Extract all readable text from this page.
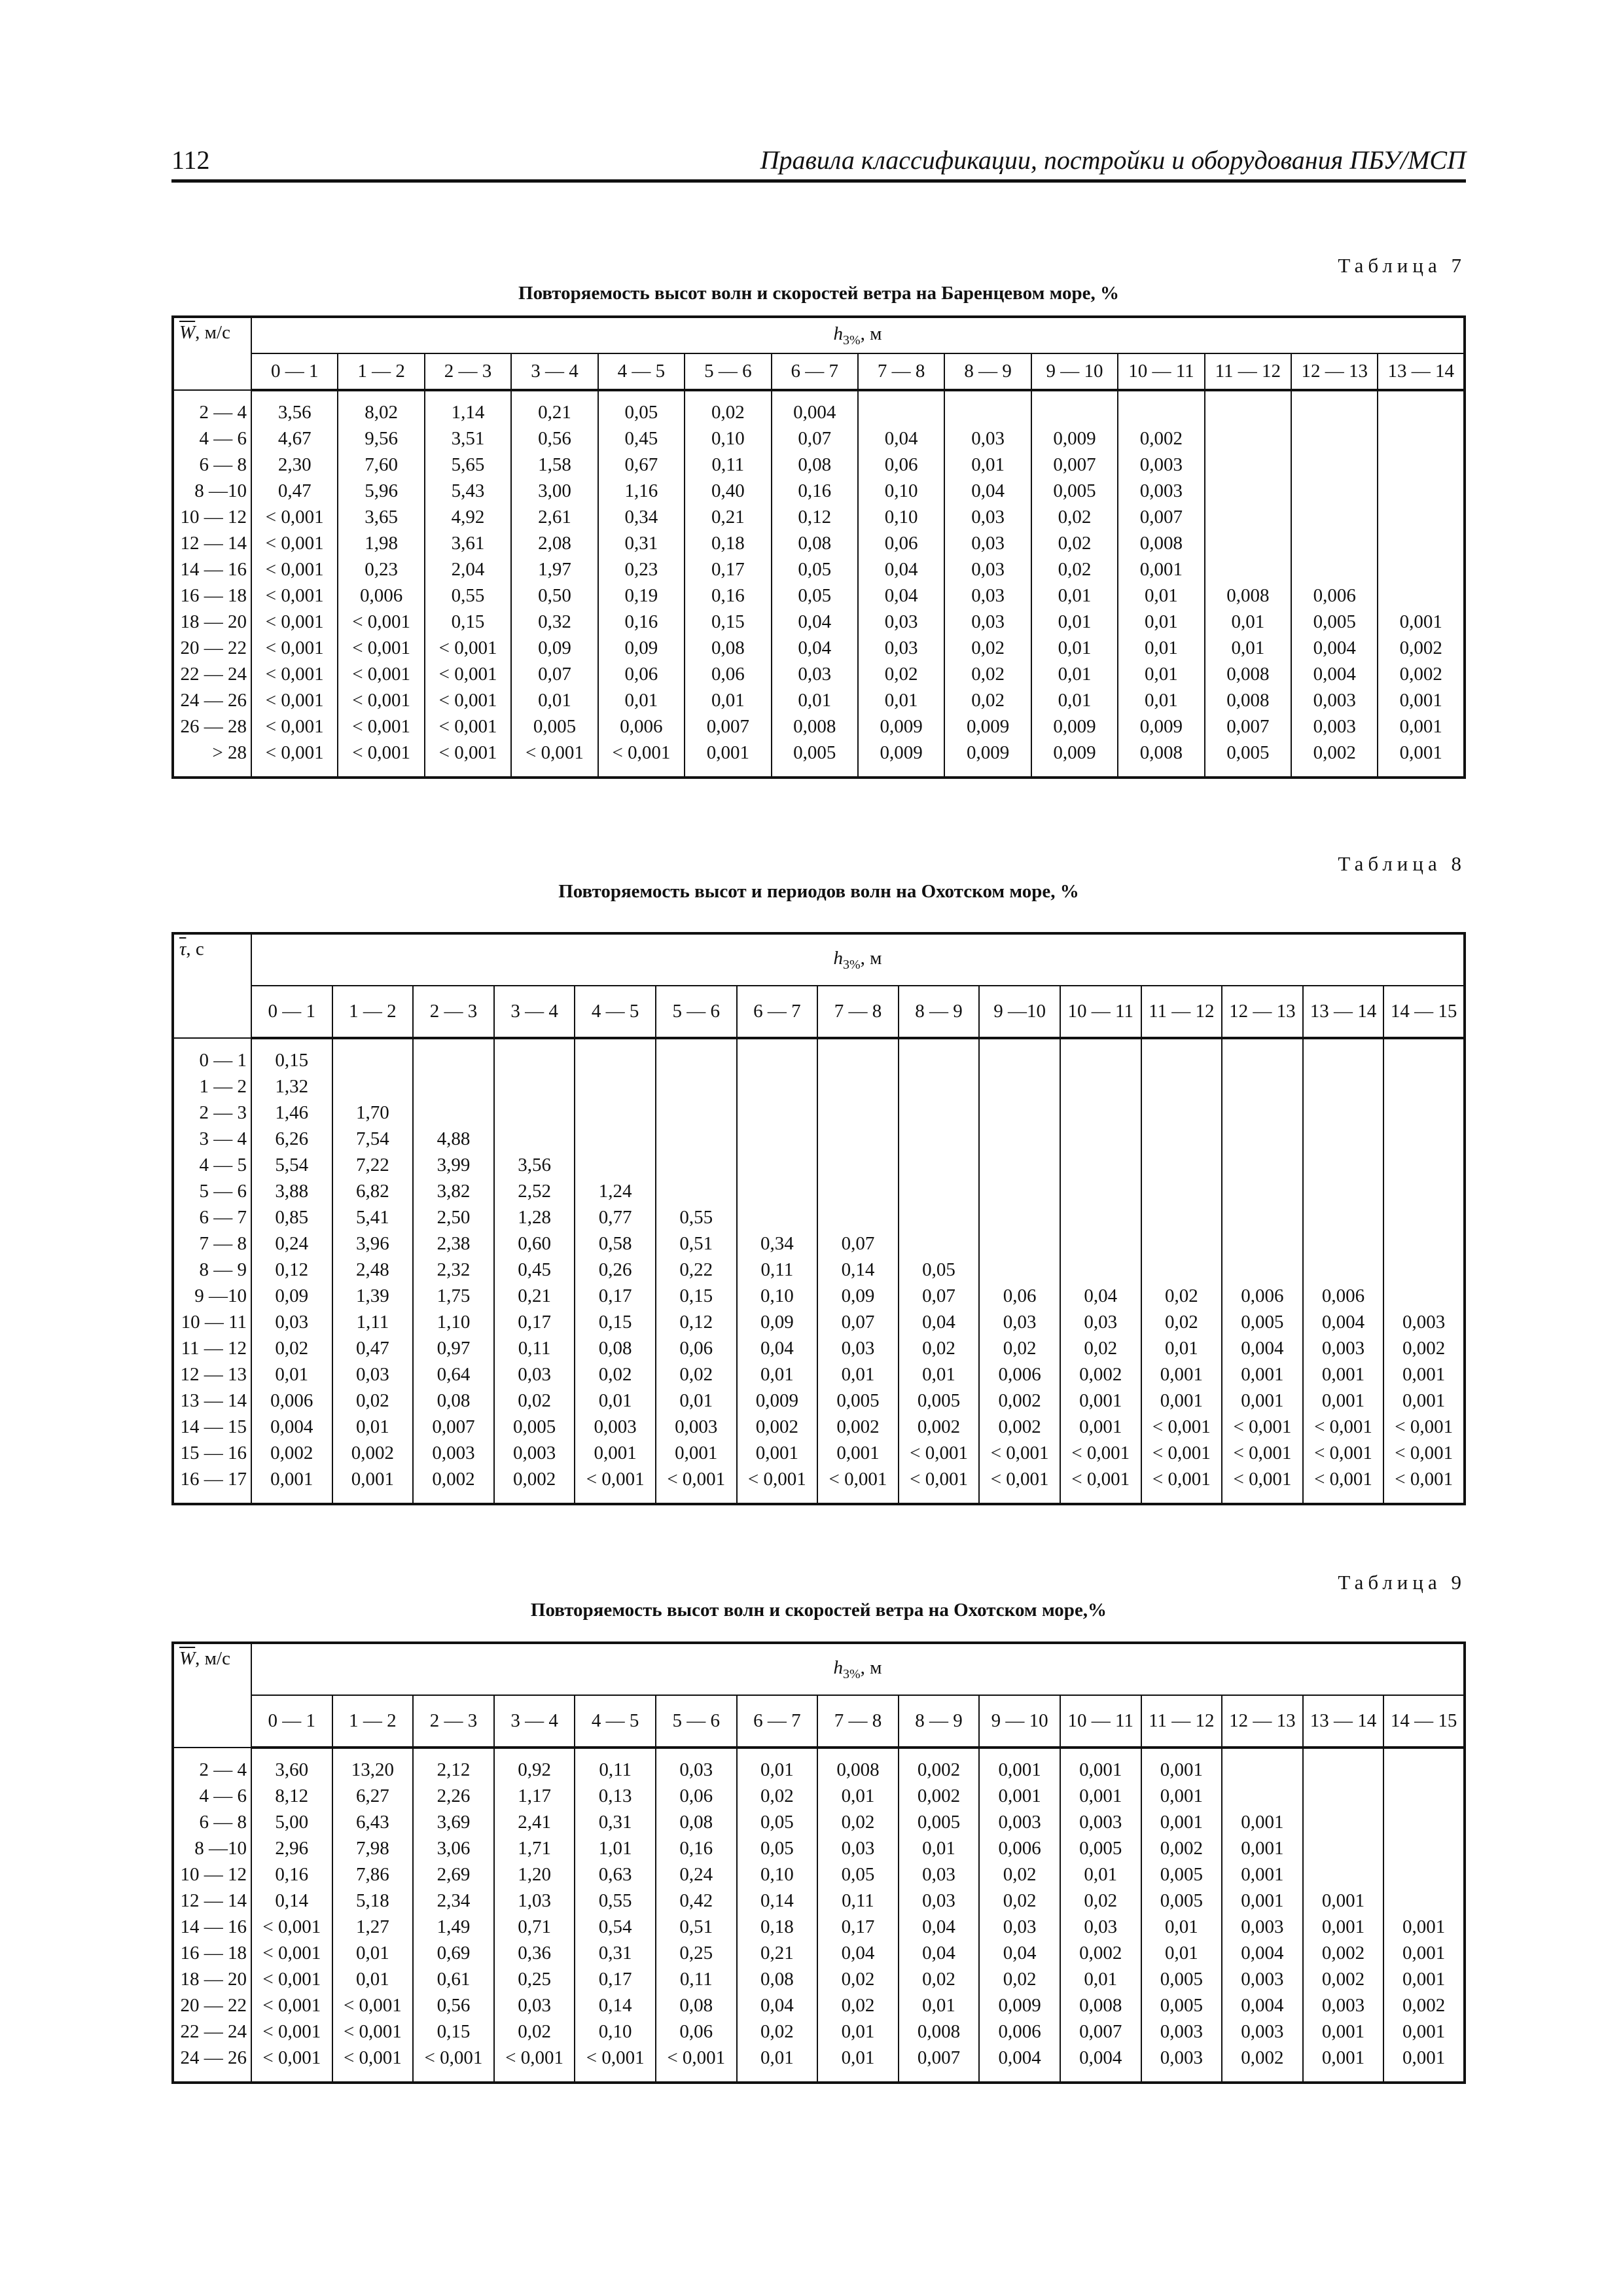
112	Правила классификации, постройки и оборудования ПБУ/МСП
Таблица 7
Повторяемость высот волн и скоростей ветра на Баренцевом море, %
$\overline{W}$, м/с	$h_{3\%}$, м													
	0 — 1	1 — 2	2 — 3	3 — 4	4 — 5	5 — 6	6 — 7	7 — 8	8 — 9	9 — 10	10 — 11	11 — 12	12 — 13	13 — 14
2 — 4	3,56	8,02	1,14	0,21	0,05	0,02	0,004							
4 — 6	4,67	9,56	3,51	0,56	0,45	0,10	0,07	0,04	0,03	0,009	0,002			
6 — 8	2,30	7,60	5,65	1,58	0,67	0,11	0,08	0,06	0,01	0,007	0,003			
8 —10	0,47	5,96	5,43	3,00	1,16	0,40	0,16	0,10	0,04	0,005	0,003			
10 — 12	< 0,001	3,65	4,92	2,61	0,34	0,21	0,12	0,10	0,03	0,02	0,007			
12 — 14	< 0,001	1,98	3,61	2,08	0,31	0,18	0,08	0,06	0,03	0,02	0,008			
14 — 16	< 0,001	0,23	2,04	1,97	0,23	0,17	0,05	0,04	0,03	0,02	0,001			
16 — 18	< 0,001	0,006	0,55	0,50	0,19	0,16	0,05	0,04	0,03	0,01	0,01	0,008	0,006	
18 — 20	< 0,001	< 0,001	0,15	0,32	0,16	0,15	0,04	0,03	0,03	0,01	0,01	0,01	0,005	0,001
20 — 22	< 0,001	< 0,001	< 0,001	0,09	0,09	0,08	0,04	0,03	0,02	0,01	0,01	0,01	0,004	0,002
22 — 24	< 0,001	< 0,001	< 0,001	0,07	0,06	0,06	0,03	0,02	0,02	0,01	0,01	0,008	0,004	0,002
24 — 26	< 0,001	< 0,001	< 0,001	0,01	0,01	0,01	0,01	0,01	0,02	0,01	0,01	0,008	0,003	0,001
26 — 28	< 0,001	< 0,001	< 0,001	0,005	0,006	0,007	0,008	0,009	0,009	0,009	0,009	0,007	0,003	0,001
> 28	< 0,001	< 0,001	< 0,001	< 0,001	< 0,001	0,001	0,005	0,009	0,009	0,009	0,008	0,005	0,002	0,001
Таблица 8
Повторяемость высот и периодов волн на Охотском море, %
$\overline{\tau}$, с	$h_{3\%}$, м														
	0 — 1	1 — 2	2 — 3	3 — 4	4 — 5	5 — 6	6 — 7	7 — 8	8 — 9	9 —10	10 — 11	11 — 12	12 — 13	13 — 14	14 — 15
0 — 1	0,15														
1 — 2	1,32														
2 — 3	1,46	1,70													
3 — 4	6,26	7,54	4,88												
4 — 5	5,54	7,22	3,99	3,56											
5 — 6	3,88	6,82	3,82	2,52	1,24										
6 — 7	0,85	5,41	2,50	1,28	0,77	0,55									
7 — 8	0,24	3,96	2,38	0,60	0,58	0,51	0,34	0,07							
8 — 9	0,12	2,48	2,32	0,45	0,26	0,22	0,11	0,14	0,05						
9 —10	0,09	1,39	1,75	0,21	0,17	0,15	0,10	0,09	0,07	0,06	0,04	0,02	0,006	0,006	
10 — 11	0,03	1,11	1,10	0,17	0,15	0,12	0,09	0,07	0,04	0,03	0,03	0,02	0,005	0,004	0,003
11 — 12	0,02	0,47	0,97	0,11	0,08	0,06	0,04	0,03	0,02	0,02	0,02	0,01	0,004	0,003	0,002
12 — 13	0,01	0,03	0,64	0,03	0,02	0,02	0,01	0,01	0,01	0,006	0,002	0,001	0,001	0,001	0,001
13 — 14	0,006	0,02	0,08	0,02	0,01	0,01	0,009	0,005	0,005	0,002	0,001	0,001	0,001	0,001	0,001
14 — 15	0,004	0,01	0,007	0,005	0,003	0,003	0,002	0,002	0,002	0,002	0,001	< 0,001	< 0,001	< 0,001	< 0,001
15 — 16	0,002	0,002	0,003	0,003	0,001	0,001	0,001	0,001	< 0,001	< 0,001	< 0,001	< 0,001	< 0,001	< 0,001	< 0,001
16 — 17	0,001	0,001	0,002	0,002	< 0,001	< 0,001	< 0,001	< 0,001	< 0,001	< 0,001	< 0,001	< 0,001	< 0,001	< 0,001	< 0,001
Таблица 9
Повторяемость высот волн и скоростей ветра на Охотском море,%
$\overline{W}$, м/с	$h_{3\%}$, м														
	0 — 1	1 — 2	2 — 3	3 — 4	4 — 5	5 — 6	6 — 7	7 — 8	8 — 9	9 — 10	10 — 11	11 — 12	12 — 13	13 — 14	14 — 15
2 — 4	3,60	13,20	2,12	0,92	0,11	0,03	0,01	0,008	0,002	0,001	0,001	0,001			
4 — 6	8,12	6,27	2,26	1,17	0,13	0,06	0,02	0,01	0,002	0,001	0,001	0,001			
6 — 8	5,00	6,43	3,69	2,41	0,31	0,08	0,05	0,02	0,005	0,003	0,003	0,001	0,001		
8 —10	2,96	7,98	3,06	1,71	1,01	0,16	0,05	0,03	0,01	0,006	0,005	0,002	0,001		
10 — 12	0,16	7,86	2,69	1,20	0,63	0,24	0,10	0,05	0,03	0,02	0,01	0,005	0,001		
12 — 14	0,14	5,18	2,34	1,03	0,55	0,42	0,14	0,11	0,03	0,02	0,02	0,005	0,001	0,001	
14 — 16	< 0,001	1,27	1,49	0,71	0,54	0,51	0,18	0,17	0,04	0,03	0,03	0,01	0,003	0,001	0,001
16 — 18	< 0,001	0,01	0,69	0,36	0,31	0,25	0,21	0,04	0,04	0,04	0,002	0,01	0,004	0,002	0,001
18 — 20	< 0,001	0,01	0,61	0,25	0,17	0,11	0,08	0,02	0,02	0,02	0,01	0,005	0,003	0,002	0,001
20 — 22	< 0,001	< 0,001	0,56	0,03	0,14	0,08	0,04	0,02	0,01	0,009	0,008	0,005	0,004	0,003	0,002
22 — 24	< 0,001	< 0,001	0,15	0,02	0,10	0,06	0,02	0,01	0,008	0,006	0,007	0,003	0,003	0,001	0,001
24 — 26	< 0,001	< 0,001	< 0,001	< 0,001	< 0,001	< 0,001	0,01	0,01	0,007	0,004	0,004	0,003	0,002	0,001	0,001
